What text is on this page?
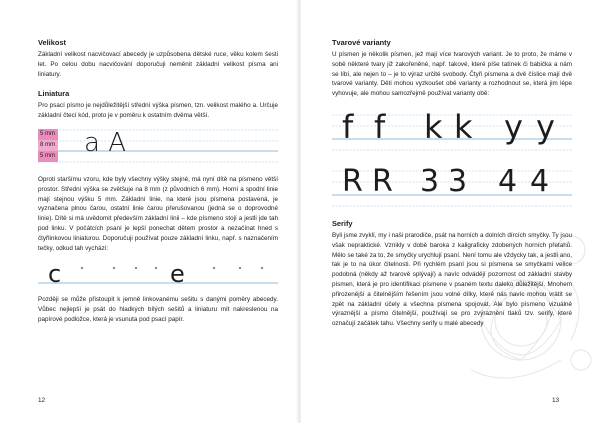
Velikost

Základní velikost nacvičovací abecedy je uzpůsobena dětské ruce, věku kolem šesti let. Po celou dobu nacvičování doporučuji neměnit základní velikost písma ani liniatury.

Liniatura

Pro psací písmo je nejdůležitější střední výška písmen, tzn. velikost malého a. Určuje základní čtecí kód, proto je v poměru k ostatním dvěma větší.

5 mm
8 mm
5 mm a A

Oproti staršímu vzoru, kde byly všechny výšky stejné, má nyní dítě na písmeno větší prostor. Střední výška se zvětšuje na 8 mm (z původních 6 mm). Horní a spodní linie mají stejnou výšku 5 mm. Základní linie, na které jsou písmena postavená, je vyznačena plnou čarou, ostatní linie čarou přerušovanou (jedná se o doprovodné linie). Dítě si má uvědomit především základní linii – kde písmeno stojí a jestli jde tah pod linku. V počátcích psaní je lepší ponechat dětem prostor a nezačínat hned s čtyřlinkovou liniaturou. Doporučuji používat pouze základní linku, např. s naznačením tečky, odkud tah vychází:

c	e

Později se může přistoupit k jemně linkovanému sešitu s danými poměry abecedy. Vůbec nejlepší je psát do hladkých bílých sešitů a liniaturu mít nakreslenou na papírové podložce, která je vsunuta pod psací papír.

12
Tvarové varianty

U písmen je několik písmen, jež mají více tvarových variant. Je to proto, že máme v sobě některé tvary již zakořeněné, např. takové, které píše tatínek či babička a nám se líbí, ale nejen to – je to výraz určité svobody. Čtyři písmena a dvě číslice mají dvě tvarové varianty. Děti mohou vyzkoušet obě varianty a rozhodnout se, která jim lépe vyhovuje, ale mohou samozřejmě používat varianty obě:

f f	k k y y
R R 3 3	4 4
Serify

Byli jsme zvyklí, my i naši prarodiče, psát na horních a dolních dírcích smyčky. Ty jsou však nepraktické. Vznikly v době baroka z kaligraficky zdobených horních přetahů. Mělo se také za to, že smyčky urychlují psaní. Není tomu ale vždycky tak, a jestli ano, tak je to na úkor čitelnosti. Při rychlém psaní jsou si písmena se smyčkami velice podobná (někdy až tvarově splývají) a navíc odvádějí pozornost od základní stavby písmen, která je pro identifikaci písmene v psaném textu daleko důležitější. Mnohem přirozenější a čitelnějším řešením jsou volné dílky, které nás navíc mohou vrátit se zpět na základní účely a všechna písmena spojovat. Ale bylo písmeno vizuálně výraznější a písmo čitelnější, používají se pro zvýraznění tlaků tzv. serify, které označují začátek tahu. Všechny serify u malé abecedy

13
